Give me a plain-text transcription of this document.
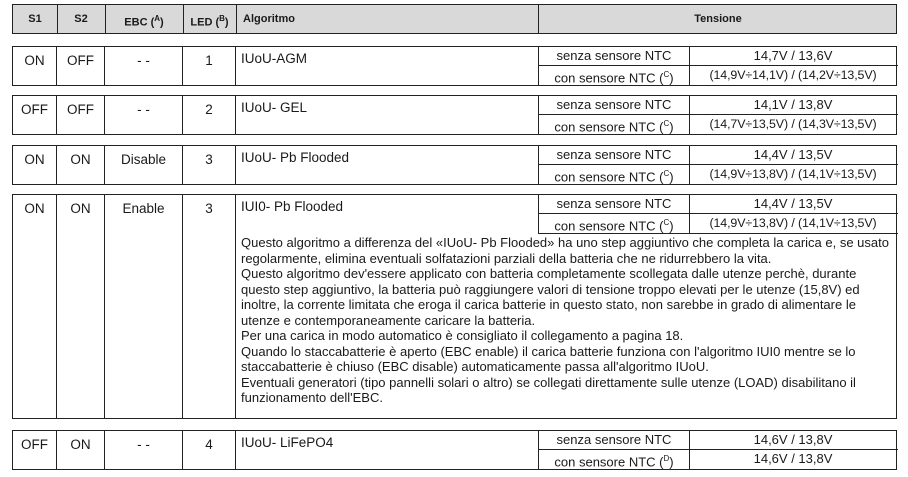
S1	S2	EBC ($^A$)	LED ($^B$)	Algoritmo	Tensione
ON	OFF	- -	1	IUoU-AGM	senza sensore NTC	14,7V / 13,6V
con sensore NTC ($^C$)	(14,9V÷14,1V) / (14,2V÷13,5V)
OFF	OFF	- -	2	IUoU- GEL	senza sensore NTC	14,1V / 13,8V
con sensore NTC ($^C$)	(14,7V÷13,5V) / (14,3V÷13,5V)
ON	ON	Disable	3	IUoU- Pb Flooded	senza sensore NTC	14,4V / 13,5V
con sensore NTC ($^C$)	(14,9V÷13,8V) / (14,1V÷13,5V)
ON	ON	Enable	3	IUI0- Pb Flooded	senza sensore NTC	14,4V / 13,5V
con sensore NTC ($^C$)	(14,9V÷13,8V) / (14,1V÷13,5V)

Questo algoritmo a differenza del «IUoU- Pb Flooded» ha uno step aggiuntivo che completa la carica e, se usato regolarmente, elimina eventuali solfatazioni parziali della batteria che ne ridurrebbero la vita.

Questo algoritmo dev'essere applicato con batteria completamente scollegata dalle utenze perchè, durante questo step aggiuntivo, la batteria può raggiungere valori di tensione troppo elevati per le utenze (15,8V) ed inoltre, la corrente limitata che eroga il carica batterie in questo stato, non sarebbe in grado di alimentare le utenze e contemporaneamente caricare la batteria.

Per una carica in modo automatico è consigliato il collegamento a pagina 18.

Quando lo staccabatterie è aperto (EBC enable) il carica batterie funziona con l'algoritmo IUI0 mentre se lo staccabatterie è chiuso (EBC disable) automaticamente passa all'algoritmo IUoU.

Eventuali generatori (tipo pannelli solari o altro) se collegati direttamente sulle utenze (LOAD) disabilitano il funzionamento dell'EBC.

OFF	ON	- -	4	IUoU- LiFePO4	senza sensore NTC	14,6V / 13,8V
con sensore NTC ($^D$)	14,6V / 13,8V
